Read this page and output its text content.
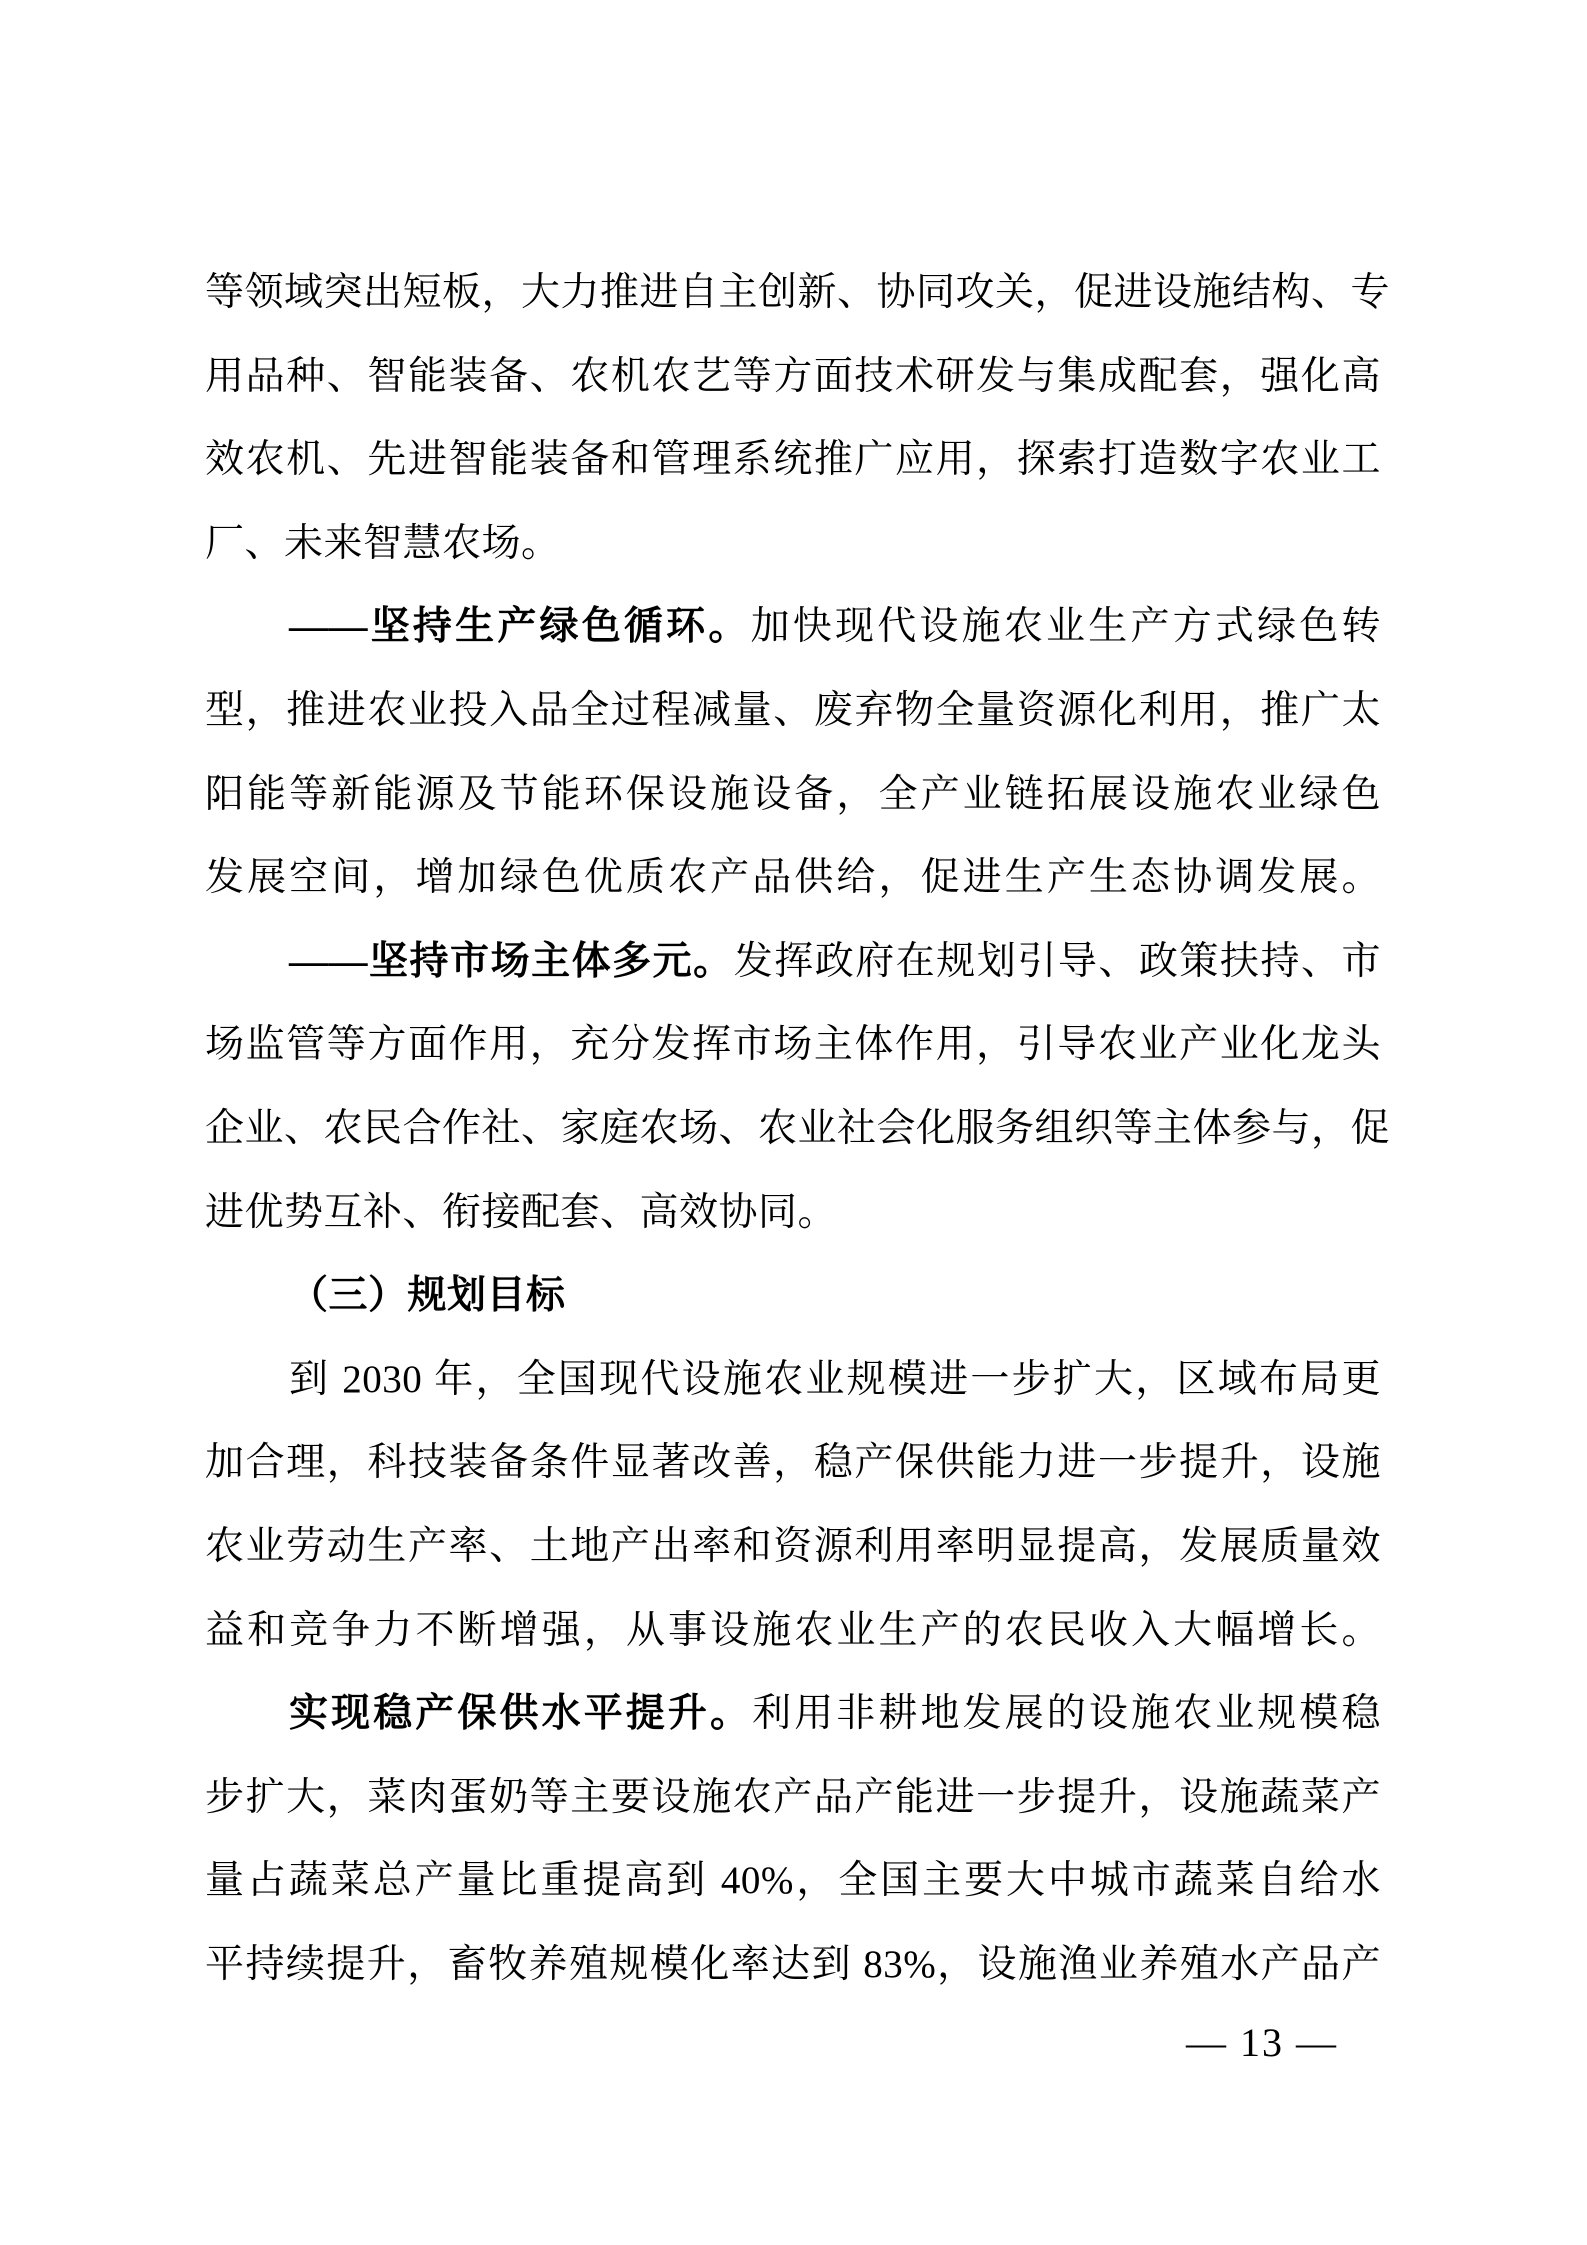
等领域突出短板，大力推进自主创新、协同攻关，促进设施结构、专
用品种、智能装备、农机农艺等方面技术研发与集成配套，强化高
效农机、先进智能装备和管理系统推广应用，探索打造数字农业工
厂、未来智慧农场。
——坚持生产绿色循环。加快现代设施农业生产方式绿色转
型，推进农业投入品全过程减量、废弃物全量资源化利用，推广太
阳能等新能源及节能环保设施设备，全产业链拓展设施农业绿色
发展空间，增加绿色优质农产品供给，促进生产生态协调发展。
——坚持市场主体多元。发挥政府在规划引导、政策扶持、市
场监管等方面作用，充分发挥市场主体作用，引导农业产业化龙头
企业、农民合作社、家庭农场、农业社会化服务组织等主体参与，促
进优势互补、衔接配套、高效协同。
（三）规划目标
到 2030 年，全国现代设施农业规模进一步扩大，区域布局更
加合理，科技装备条件显著改善，稳产保供能力进一步提升，设施
农业劳动生产率、土地产出率和资源利用率明显提高，发展质量效
益和竞争力不断增强，从事设施农业生产的农民收入大幅增长。
实现稳产保供水平提升。利用非耕地发展的设施农业规模稳
步扩大，菜肉蛋奶等主要设施农产品产能进一步提升，设施蔬菜产
量占蔬菜总产量比重提高到 40%，全国主要大中城市蔬菜自给水
平持续提升，畜牧养殖规模化率达到 83%，设施渔业养殖水产品产
— 13 —
